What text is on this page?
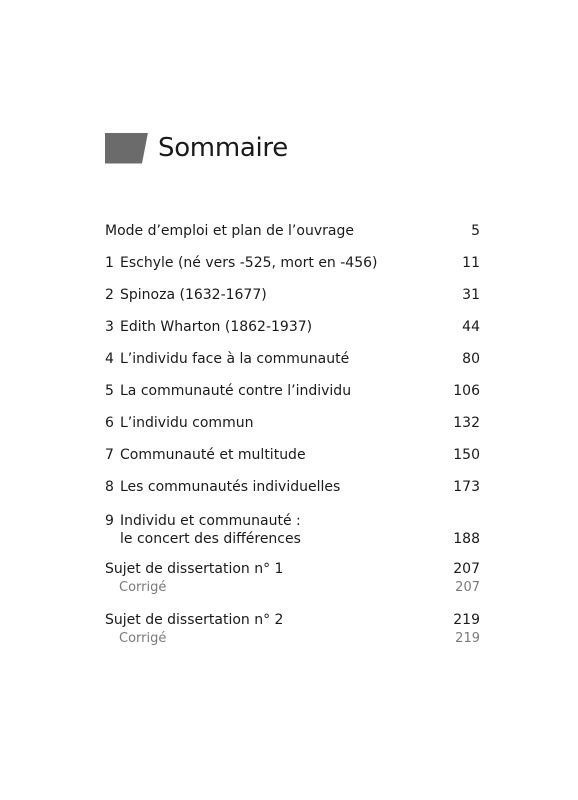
Sommaire
Mode d’emploi et plan de l’ouvrage	5
1 Eschyle (né vers -525, mort en -456)	11
2 Spinoza (1632-1677)	31
3 Edith Wharton (1862-1937)	44
4 L’individu face à la communauté	80
5 La communauté contre l’individu	106
6 L’individu commun	132
7 Communauté et multitude	150
8 Les communautés individuelles	173
9 Individu et communauté :
le concert des différences	188
Sujet de dissertation n° 1	207
Corrigé	207
Sujet de dissertation n° 2	219
Corrigé	219
